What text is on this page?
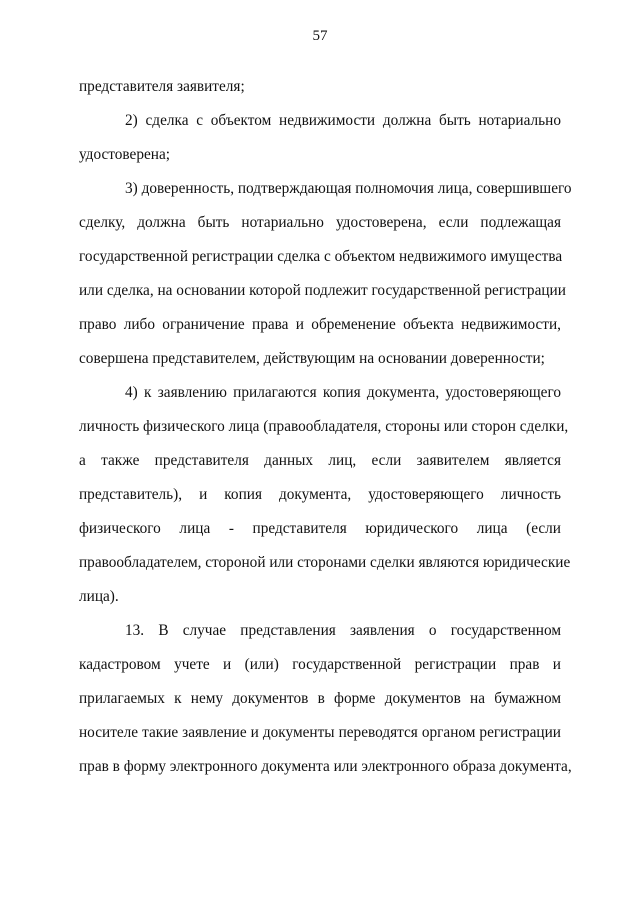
57
представителя заявителя;
2) сделка с объектом недвижимости должна быть нотариально
удостоверена;
3) доверенность, подтверждающая полномочия лица, совершившего
сделку, должна быть нотариально удостоверена, если подлежащая
государственной регистрации сделка с объектом недвижимого имущества
или сделка, на основании которой подлежит государственной регистрации
право либо ограничение права и обременение объекта недвижимости,
совершена представителем, действующим на основании доверенности;
4) к заявлению прилагаются копия документа, удостоверяющего
личность физического лица (правообладателя, стороны или сторон сделки,
а также представителя данных лиц, если заявителем является
представитель), и копия документа, удостоверяющего личность
физического лица - представителя юридического лица (если
правообладателем, стороной или сторонами сделки являются юридические
лица).
13. В случае представления заявления о государственном
кадастровом учете и (или) государственной регистрации прав и
прилагаемых к нему документов в форме документов на бумажном
носителе такие заявление и документы переводятся органом регистрации
прав в форму электронного документа или электронного образа документа,
